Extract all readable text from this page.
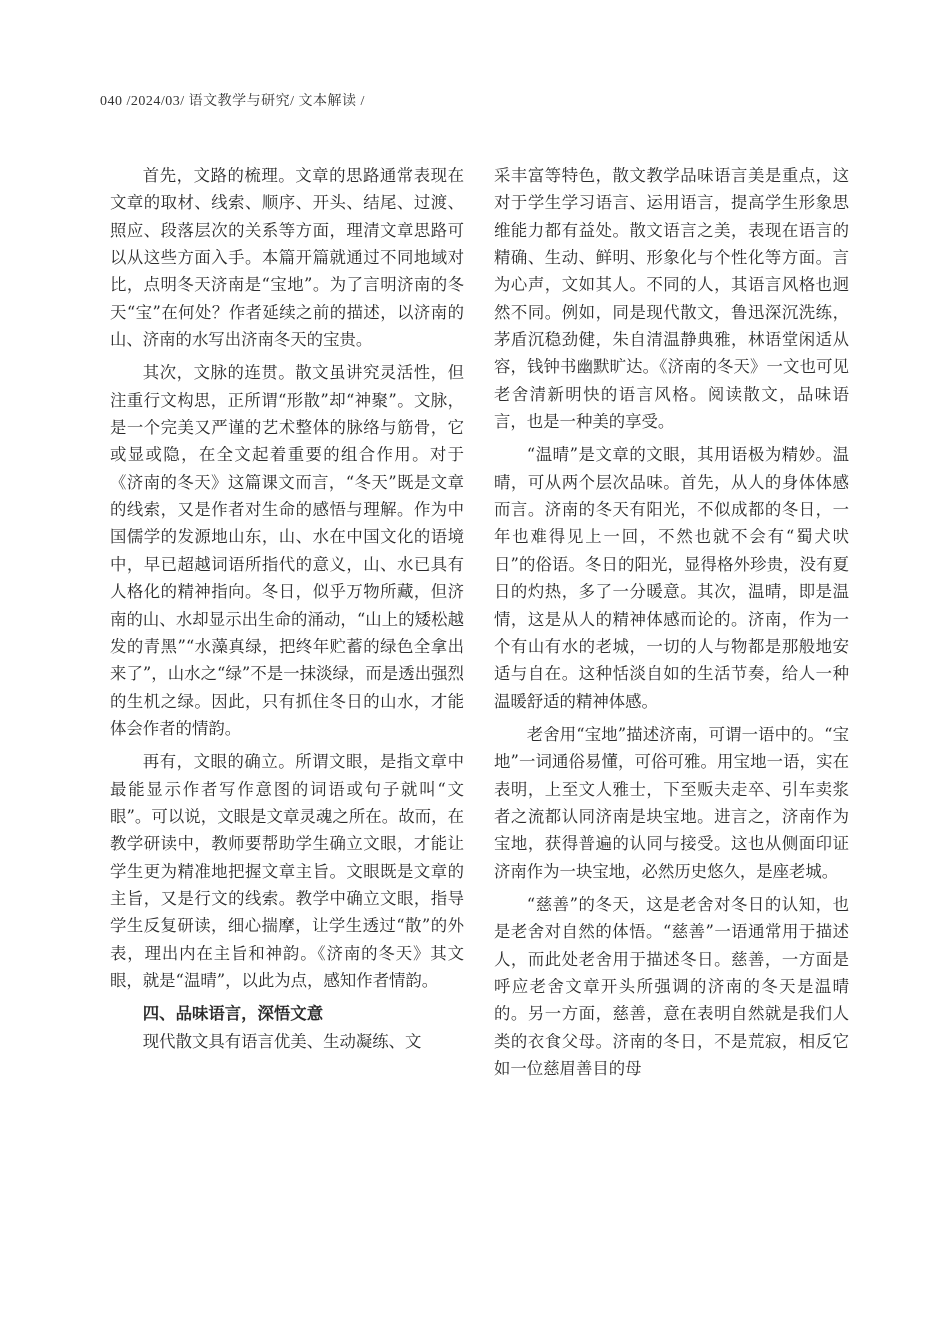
040 /2024/03/ 语文教学与研究/ 文本解读 /

首先，文路的梳理。文章的思路通常表现在文章的取材、线索、顺序、开头、结尾、过渡、照应、段落层次的关系等方面，理清文章思路可以从这些方面入手。本篇开篇就通过不同地域对比，点明冬天济南是“宝地”。为了言明济南的冬天“宝”在何处？作者延续之前的描述，以济南的山、济南的水写出济南冬天的宝贵。

其次，文脉的连贯。散文虽讲究灵活性，但注重行文构思，正所谓“形散”却“神聚”。文脉，是一个完美又严谨的艺术整体的脉络与筋骨，它或显或隐，在全文起着重要的组合作用。对于《济南的冬天》这篇课文而言，“冬天”既是文章的线索，又是作者对生命的感悟与理解。作为中国儒学的发源地山东，山、水在中国文化的语境中，早已超越词语所指代的意义，山、水已具有人格化的精神指向。冬日，似乎万物所藏，但济南的山、水却显示出生命的涌动，“山上的矮松越发的青黑”“水藻真绿，把终年贮蓄的绿色全拿出来了”，山水之“绿”不是一抹淡绿，而是透出强烈的生机之绿。因此，只有抓住冬日的山水，才能体会作者的情韵。

再有，文眼的确立。所谓文眼，是指文章中最能显示作者写作意图的词语或句子就叫“文眼”。可以说，文眼是文章灵魂之所在。故而，在教学研读中，教师要帮助学生确立文眼，才能让学生更为精准地把握文章主旨。文眼既是文章的主旨，又是行文的线索。教学中确立文眼，指导学生反复研读，细心揣摩，让学生透过“散”的外表，理出内在主旨和神韵。《济南的冬天》其文眼，就是“温晴”，以此为点，感知作者情韵。

四、品味语言，深悟文意

现代散文具有语言优美、生动凝练、文

采丰富等特色，散文教学品味语言美是重点，这对于学生学习语言、运用语言，提高学生形象思维能力都有益处。散文语言之美，表现在语言的精确、生动、鲜明、形象化与个性化等方面。言为心声，文如其人。不同的人，其语言风格也迥然不同。例如，同是现代散文，鲁迅深沉洗练，茅盾沉稳劲健，朱自清温静典雅，林语堂闲适从容，钱钟书幽默旷达。《济南的冬天》一文也可见老舍清新明快的语言风格。阅读散文，品味语言，也是一种美的享受。

“温晴”是文章的文眼，其用语极为精妙。温晴，可从两个层次品味。首先，从人的身体体感而言。济南的冬天有阳光，不似成都的冬日，一年也难得见上一回，不然也就不会有“蜀犬吠日”的俗语。冬日的阳光，显得格外珍贵，没有夏日的灼热，多了一分暖意。其次，温晴，即是温情，这是从人的精神体感而论的。济南，作为一个有山有水的老城，一切的人与物都是那般地安适与自在。这种恬淡自如的生活节奏，给人一种温暖舒适的精神体感。

老舍用“宝地”描述济南，可谓一语中的。“宝地”一词通俗易懂，可俗可雅。用宝地一语，实在表明，上至文人雅士，下至贩夫走卒、引车卖浆者之流都认同济南是块宝地。进言之，济南作为宝地，获得普遍的认同与接受。这也从侧面印证济南作为一块宝地，必然历史悠久，是座老城。

“慈善”的冬天，这是老舍对冬日的认知，也是老舍对自然的体悟。“慈善”一语通常用于描述人，而此处老舍用于描述冬日。慈善，一方面是呼应老舍文章开头所强调的济南的冬天是温晴的。另一方面，慈善，意在表明自然就是我们人类的衣食父母。济南的冬日，不是荒寂，相反它如一位慈眉善目的母
